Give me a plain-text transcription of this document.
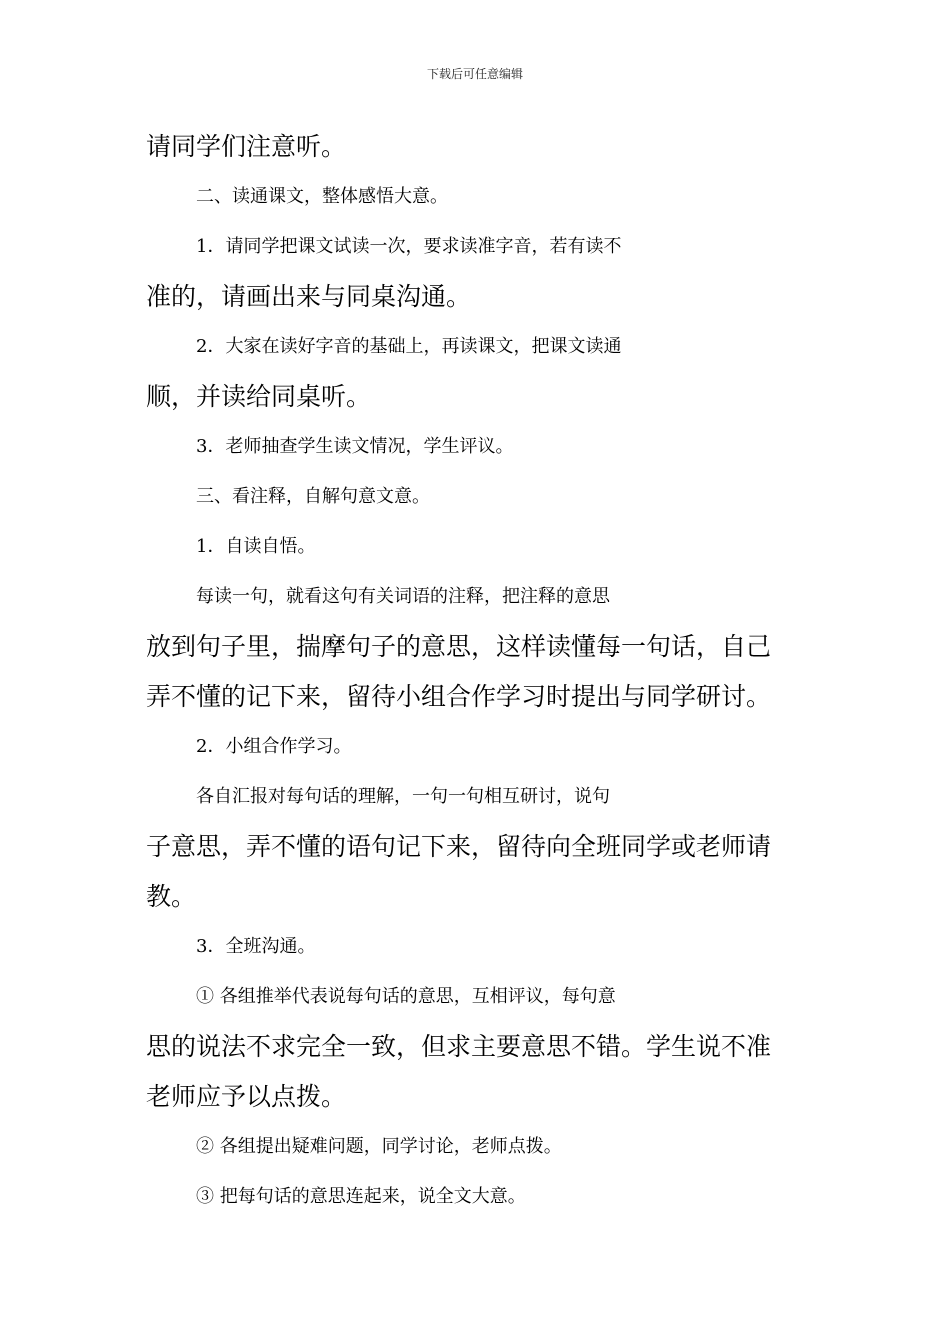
下载后可任意编辑
请同学们注意听。
二、读通课文，整体感悟大意。
1．请同学把课文试读一次，要求读准字音，若有读不
准的，请画出来与同桌沟通。
2．大家在读好字音的基础上，再读课文，把课文读通
顺，并读给同桌听。
3．老师抽查学生读文情况，学生评议。
三、看注释，自解句意文意。
1．自读自悟。
每读一句，就看这句有关词语的注释，把注释的意思
放到句子里，揣摩句子的意思，这样读懂每一句话，自己
弄不懂的记下来，留待小组合作学习时提出与同学研讨。
2．小组合作学习。
各自汇报对每句话的理解，一句一句相互研讨，说句
子意思，弄不懂的语句记下来，留待向全班同学或老师请
教。
3．全班沟通。
① 各组推举代表说每句话的意思，互相评议，每句意
思的说法不求完全一致，但求主要意思不错。学生说不准
老师应予以点拨。
② 各组提出疑难问题，同学讨论，老师点拨。
③ 把每句话的意思连起来，说全文大意。
